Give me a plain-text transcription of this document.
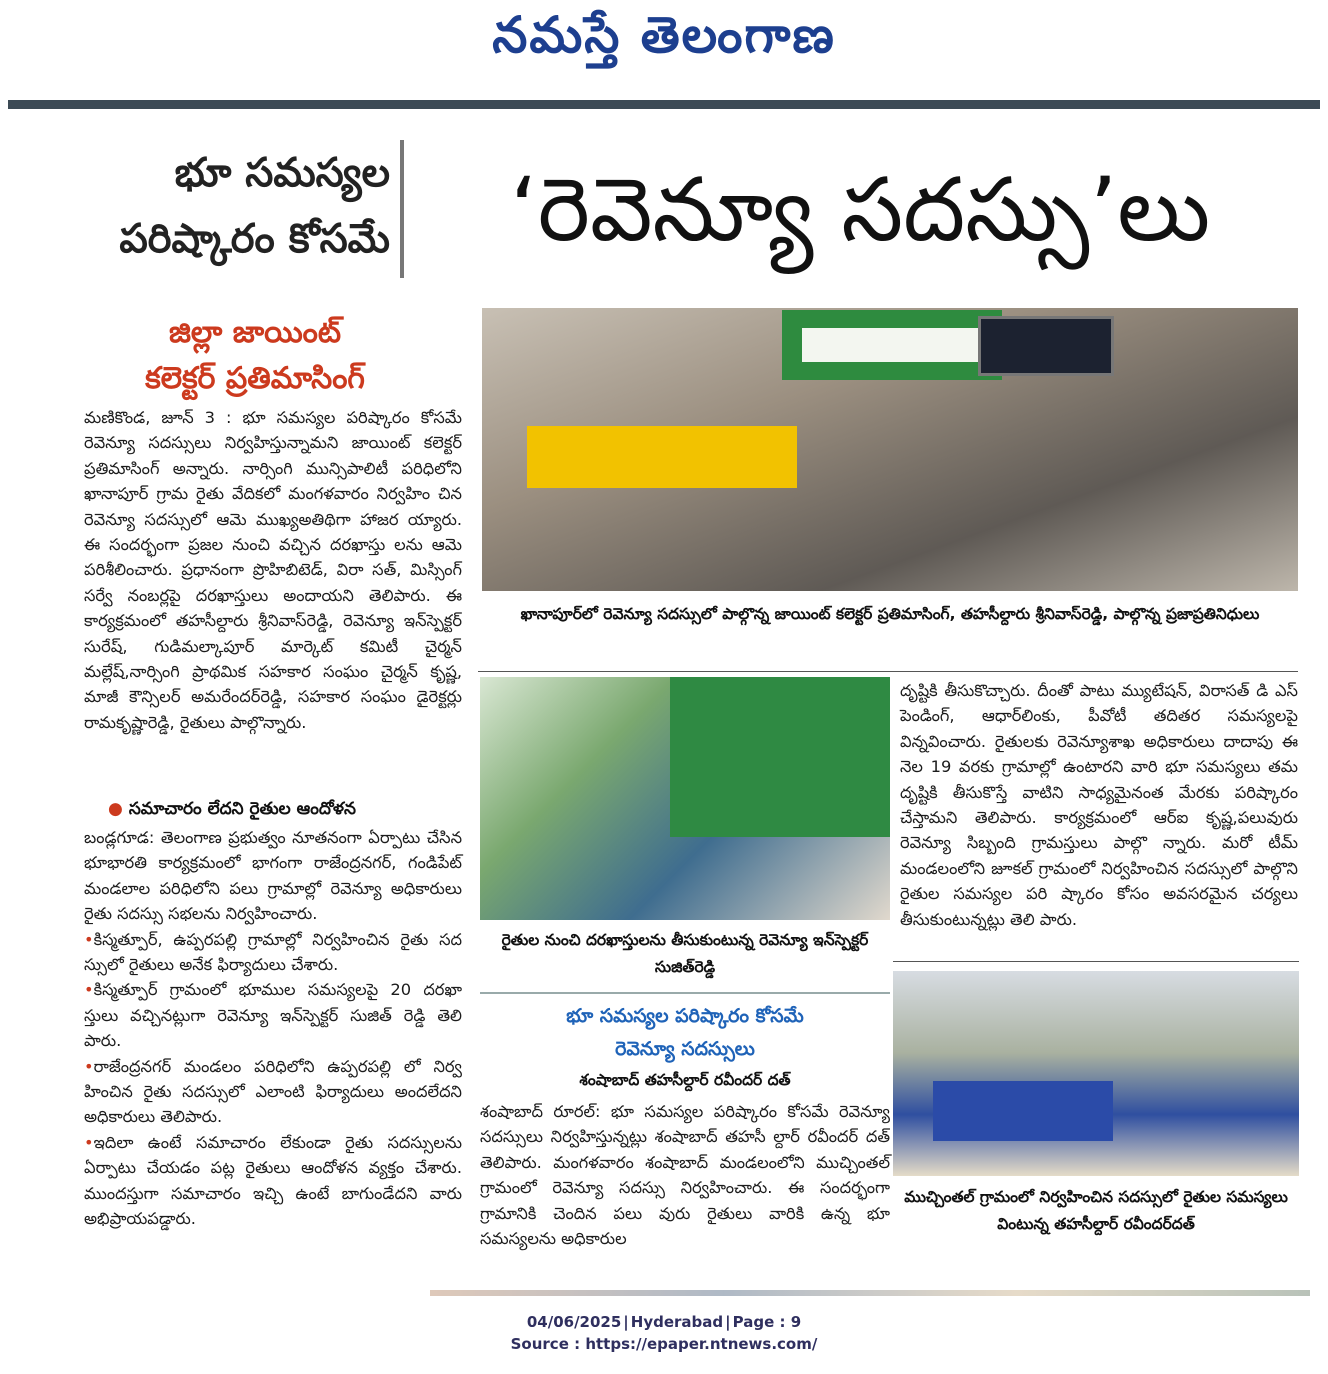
నమస్తే తెలంగాణ
భూ సమస్యల
పరిష్కారం కోసమే	‘రెవెన్యూ సదస్సు’లు
జిల్లా జాయింట్
కలెక్టర్ ప్రతిమాసింగ్
మణికొండ, జూన్ 3 : భూ సమస్యల పరిష్కారం కోసమే రెవెన్యూ సదస్సులు నిర్వహిస్తున్నామని జాయింట్ కలెక్టర్ ప్రతిమాసింగ్ అన్నారు. నార్సింగి మున్సిపాలిటీ పరిధిలోని ఖానాపూర్ గ్రామ రైతు వేదికలో మంగళవారం నిర్వహిం చిన రెవెన్యూ సదస్సులో ఆమె ముఖ్యఅతిథిగా హాజర య్యారు. ఈ సందర్భంగా ప్రజల నుంచి వచ్చిన దరఖాస్తు లను ఆమె పరిశీలించారు. ప్రధానంగా ప్రొహిబిటెడ్, విరా సత్, మిస్సింగ్ సర్వే నంబర్లపై దరఖాస్తులు అందాయని తెలిపారు. ఈ కార్యక్రమంలో తహసీల్దారు శ్రీనివాస్‌రెడ్డి, రెవెన్యూ ఇన్‌స్పెక్టర్ సురేష్, గుడిమల్కాపూర్ మార్కెట్ కమిటీ చైర్మన్ మల్లేష్,నార్సింగి ప్రాథమిక సహకార సంఘం చైర్మన్ కృష్ణ, మాజీ కౌన్సిలర్ అమరేందర్‌రెడ్డి, సహకార సంఘం డైరెక్టర్లు రామకృష్ణారెడ్డి, రైతులు పాల్గొన్నారు.
● సమాచారం లేదని రైతుల ఆందోళన
బండ్లగూడ: తెలంగాణ ప్రభుత్వం నూతనంగా ఏర్పాటు చేసిన భూభారతి కార్యక్రమంలో భాగంగా రాజేంద్రనగర్, గండిపేట్ మండలాల పరిధిలోని పలు గ్రామాల్లో రెవెన్యూ అధికారులు రైతు సదస్సు సభలను నిర్వహించారు.
•కిస్మత్పూర్, ఉప్పరపల్లి గ్రామాల్లో నిర్వహించిన రైతు సద స్సులో రైతులు అనేక ఫిర్యాదులు చేశారు.
•కిస్మత్పూర్ గ్రామంలో భూముల సమస్యలపై 20 దరఖా స్తులు వచ్చినట్లుగా రెవెన్యూ ఇన్‌స్పెక్టర్ సుజిత్ రెడ్డి తెలి పారు.
•రాజేంద్రనగర్ మండలం పరిధిలోని ఉప్పరపల్లి లో నిర్వ హించిన రైతు సదస్సులో ఎలాంటి ఫిర్యాదులు అందలేదని అధికారులు తెలిపారు.
•ఇదిలా ఉంటే సమాచారం లేకుండా రైతు సదస్సులను ఏర్పాటు చేయడం పట్ల రైతులు ఆందోళన వ్యక్తం చేశారు. ముందస్తుగా సమాచారం ఇచ్చి ఉంటే బాగుండేదని వారు అభిప్రాయపడ్డారు.
ఖానాపూర్‌లో రెవెన్యూ సదస్సులో పాల్గొన్న జాయింట్ కలెక్టర్ ప్రతిమాసింగ్, తహసీల్దారు శ్రీనివాస్‌రెడ్డి, పాల్గొన్న ప్రజాప్రతినిధులు
రైతుల నుంచి దరఖాస్తులను తీసుకుంటున్న రెవెన్యూ ఇన్‌స్పెక్టర్ సుజిత్‌రెడ్డి
దృష్టికి తీసుకొచ్చారు. దీంతో పాటు మ్యుటేషన్, విరాసత్ డి ఎస్ పెండింగ్, ఆధార్‌లింకు, పీవోటీ తదితర సమస్యలపై విన్నవించారు. రైతులకు రెవెన్యూశాఖ అధికారులు దాదాపు ఈ నెల 19 వరకు గ్రామాల్లో ఉంటారని వారి భూ సమస్యలు తమ దృష్టికి తీసుకొస్తే వాటిని సాధ్యమైనంత మేరకు పరిష్కారం చేస్తామని తెలిపారు. కార్యక్రమంలో ఆర్ఐ కృష్ణ,పలువురు రెవెన్యూ సిబ్బంది గ్రామస్తులు పాల్గొ న్నారు. మరో టీమ్ మండలంలోని జూకల్ గ్రామంలో నిర్వహించిన సదస్సులో పాల్గొని రైతుల సమస్యల పరి ష్కారం కోసం అవసరమైన చర్యలు తీసుకుంటున్నట్లు తెలి పారు.
ముచ్చింతల్ గ్రామంలో నిర్వహించిన సదస్సులో రైతుల సమస్యలు వింటున్న తహసీల్దార్ రవీందర్‌దత్
భూ సమస్యల పరిష్కారం కోసమే
రెవెన్యూ సదస్సులు
శంషాబాద్ తహసీల్దార్ రవీందర్ దత్
శంషాబాద్ రూరల్: భూ సమస్యల పరిష్కారం కోసమే రెవెన్యూ సదస్సులు నిర్వహిస్తున్నట్లు శంషాబాద్ తహసీ ల్దార్ రవీందర్ దత్ తెలిపారు. మంగళవారం శంషాబాద్ మండలంలోని ముచ్చింతల్ గ్రామంలో రెవెన్యూ సదస్సు నిర్వహించారు. ఈ సందర్భంగా గ్రామానికి చెందిన పలు వురు రైతులు వారికి ఉన్న భూ సమస్యలను అధికారుల
04/06/2025 | Hyderabad | Page : 9
Source : https://epaper.ntnews.com/
